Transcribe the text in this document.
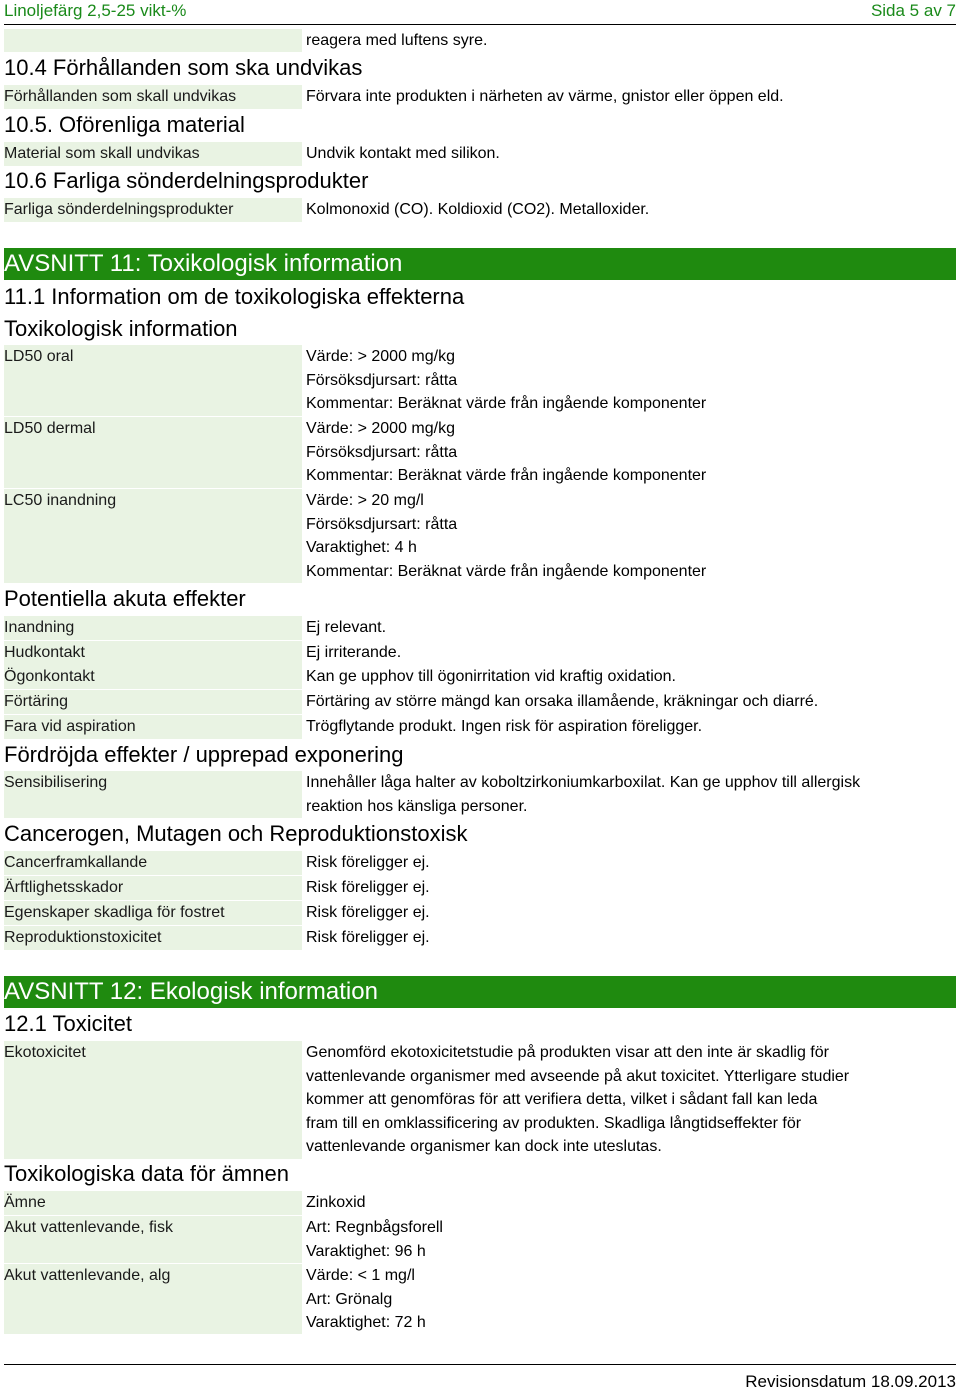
Linoljefärg 2,5-25 vikt-%	Sida 5 av 7
reagera med luftens syre.
10.4 Förhållanden som ska undvikas
Förhållanden som skall undvikas	Förvara inte produkten i närheten av värme, gnistor eller öppen eld.
10.5. Oförenliga material
Material som skall undvikas	Undvik kontakt med silikon.
10.6 Farliga sönderdelningsprodukter
Farliga sönderdelningsprodukter	Kolmonoxid (CO). Koldioxid (CO2). Metalloxider.
AVSNITT 11: Toxikologisk information
11.1 Information om de toxikologiska effekterna
Toxikologisk information
LD50 oral	Värde: > 2000 mg/kg
Försöksdjursart: råtta
Kommentar: Beräknat värde från ingående komponenter
LD50 dermal	Värde: > 2000 mg/kg
Försöksdjursart: råtta
Kommentar: Beräknat värde från ingående komponenter
LC50 inandning	Värde: > 20 mg/l
Försöksdjursart: råtta
Varaktighet: 4 h
Kommentar: Beräknat värde från ingående komponenter
Potentiella akuta effekter
Inandning	Ej relevant.
Hudkontakt	Ej irriterande.
Ögonkontakt	Kan ge upphov till ögonirritation vid kraftig oxidation.
Förtäring	Förtäring av större mängd kan orsaka illamående, kräkningar och diarré.
Fara vid aspiration	Trögflytande produkt. Ingen risk för aspiration föreligger.
Fördröjda effekter / upprepad exponering
Sensibilisering	Innehåller låga halter av koboltzirkoniumkarboxilat. Kan ge upphov till allergisk
reaktion hos känsliga personer.
Cancerogen, Mutagen och Reproduktionstoxisk
Cancerframkallande	Risk föreligger ej.
Ärftlighetsskador	Risk föreligger ej.
Egenskaper skadliga för fostret	Risk föreligger ej.
Reproduktionstoxicitet	Risk föreligger ej.
AVSNITT 12: Ekologisk information
12.1 Toxicitet
Ekotoxicitet	Genomförd ekotoxicitetstudie på produkten visar att den inte är skadlig för
vattenlevande organismer med avseende på akut toxicitet. Ytterligare studier
kommer att genomföras för att verifiera detta, vilket i sådant fall kan leda
fram till en omklassificering av produkten. Skadliga långtidseffekter för
vattenlevande organismer kan dock inte uteslutas.
Toxikologiska data för ämnen
Ämne	Zinkoxid
Akut vattenlevande, fisk	Art: Regnbågsforell
Varaktighet: 96 h
Akut vattenlevande, alg	Värde: < 1 mg/l
Art: Grönalg
Varaktighet: 72 h
Revisionsdatum 18.09.2013
